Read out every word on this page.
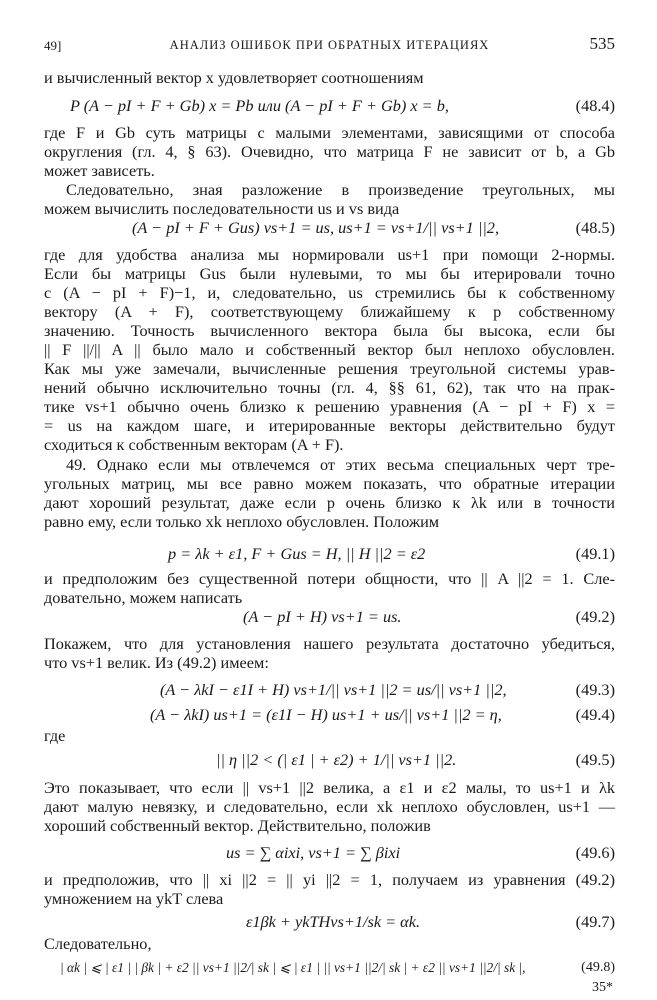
49]	АНАЛИЗ ОШИБОК ПРИ ОБРАТНЫХ ИТЕРАЦИЯХ	535
и вычисленный вектор x удовлетворяет соотношениям
P (A − pI + F + Gb) x = Pb или (A − pI + F + Gb) x = b,	(48.4)
где F и Gb суть матрицы с малыми элементами, зависящими от способа
округления (гл. 4, § 63). Очевидно, что матрица F не зависит от b, а Gb
может зависеть.
Следовательно, зная разложение в произведение треугольных, мы
можем вычислить последовательности us и vs вида
(A − pI + F + Gus) vs+1 = us, us+1 = vs+1/|| vs+1 ||2,	(48.5)
где для удобства анализа мы нормировали us+1 при помощи 2-нормы.
Если бы матрицы Gus были нулевыми, то мы бы итерировали точно
с (A − pI + F)−1, и, следовательно, us стремились бы к собственному
вектору (A + F), соответствующему ближайшему к p собственному
значению. Точность вычисленного вектора была бы высока, если бы
|| F ||/|| A || было мало и собственный вектор был неплохо обусловлен.
Как мы уже замечали, вычисленные решения треугольной системы урав-
нений обычно исключительно точны (гл. 4, §§ 61, 62), так что на прак-
тике vs+1 обычно очень близко к решению уравнения (A − pI + F) x =
= us на каждом шаге, и итерированные векторы действительно будут
сходиться к собственным векторам (A + F).
49. Однако если мы отвлечемся от этих весьма специальных черт тре-
угольных матриц, мы все равно можем показать, что обратные итерации
дают хороший результат, даже если p очень близко к λk или в точности
равно ему, если только xk неплохо обусловлен. Положим
p = λk + ε1, F + Gus = H, || H ||2 = ε2	(49.1)
и предположим без существенной потери общности, что || A ||2 = 1. Сле-
довательно, можем написать
(A − pI + H) vs+1 = us.	(49.2)
Покажем, что для установления нашего результата достаточно убедиться,
что vs+1 велик. Из (49.2) имеем:
(A − λkI − ε1I + H) vs+1/|| vs+1 ||2 = us/|| vs+1 ||2,	(49.3)
(A − λkI) us+1 = (ε1I − H) us+1 + us/|| vs+1 ||2 = η,	(49.4)
где
|| η ||2 < (| ε1 | + ε2) + 1/|| vs+1 ||2.	(49.5)
Это показывает, что если || vs+1 ||2 велика, а ε1 и ε2 малы, то us+1 и λk
дают малую невязку, и следовательно, если xk неплохо обусловлен, us+1 —
хороший собственный вектор. Действительно, положив
us = ∑ αixi, vs+1 = ∑ βixi	(49.6)
и предположив, что || xi ||2 = || yi ||2 = 1, получаем из уравнения (49.2)
умножением на ykT слева
ε1βk + ykTHvs+1/sk = αk.	(49.7)
Следовательно,
| αk | ⩽ | ε1 | | βk | + ε2 || vs+1 ||2/| sk | ⩽ | ε1 | || vs+1 ||2/| sk | + ε2 || vs+1 ||2/| sk |,	(49.8)
35*
